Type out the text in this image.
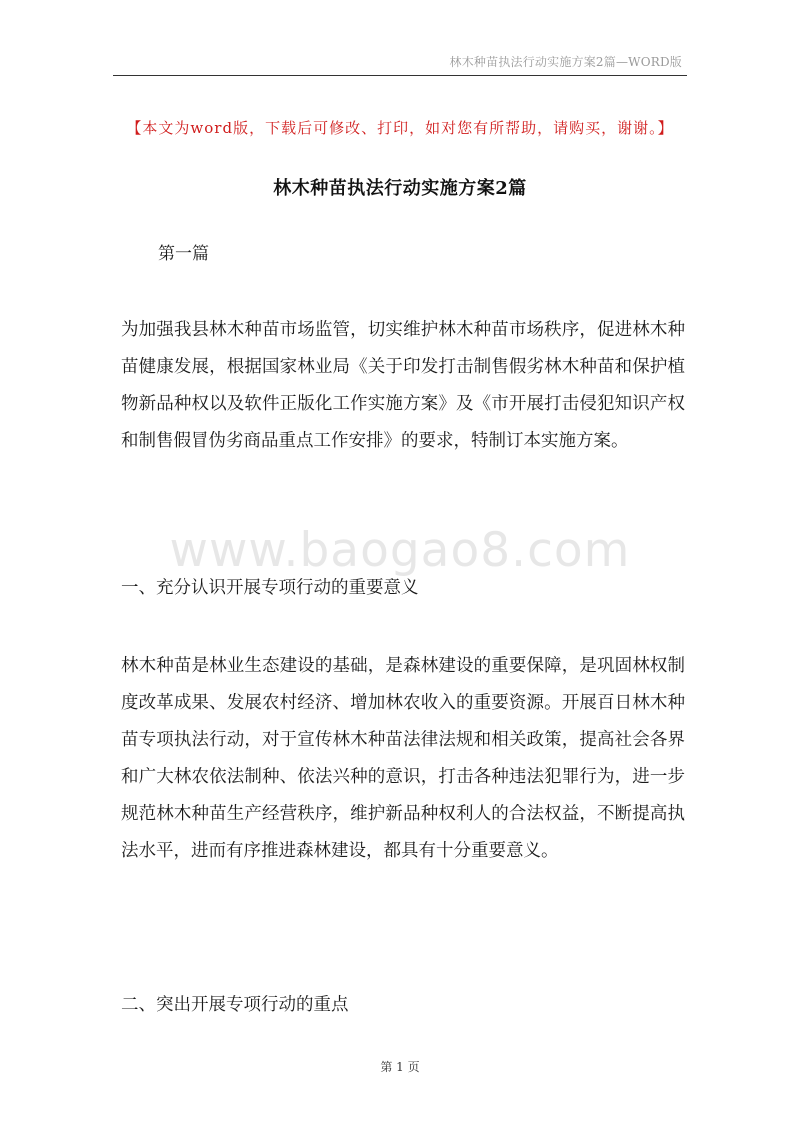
林木种苗执法行动实施方案2篇—WORD版
【本文为word版，下载后可修改、打印，如对您有所帮助，请购买，谢谢。】
林木种苗执法行动实施方案2篇
第一篇

为加强我县林木种苗市场监管，切实维护林木种苗市场秩序，促进林木种苗健康发展，根据国家林业局《关于印发打击制售假劣林木种苗和保护植物新品种权以及软件正版化工作实施方案》及《市开展打击侵犯知识产权和制售假冒伪劣商品重点工作安排》的要求，特制订本实施方案。

www.baogao8.com

一、充分认识开展专项行动的重要意义

林木种苗是林业生态建设的基础，是森林建设的重要保障，是巩固林权制度改革成果、发展农村经济、增加林农收入的重要资源。开展百日林木种苗专项执法行动，对于宣传林木种苗法律法规和相关政策，提高社会各界和广大林农依法制种、依法兴种的意识，打击各种违法犯罪行为，进一步规范林木种苗生产经营秩序，维护新品种权利人的合法权益，不断提高执法水平，进而有序推进森林建设，都具有十分重要意义。

二、突出开展专项行动的重点

第 1 页
